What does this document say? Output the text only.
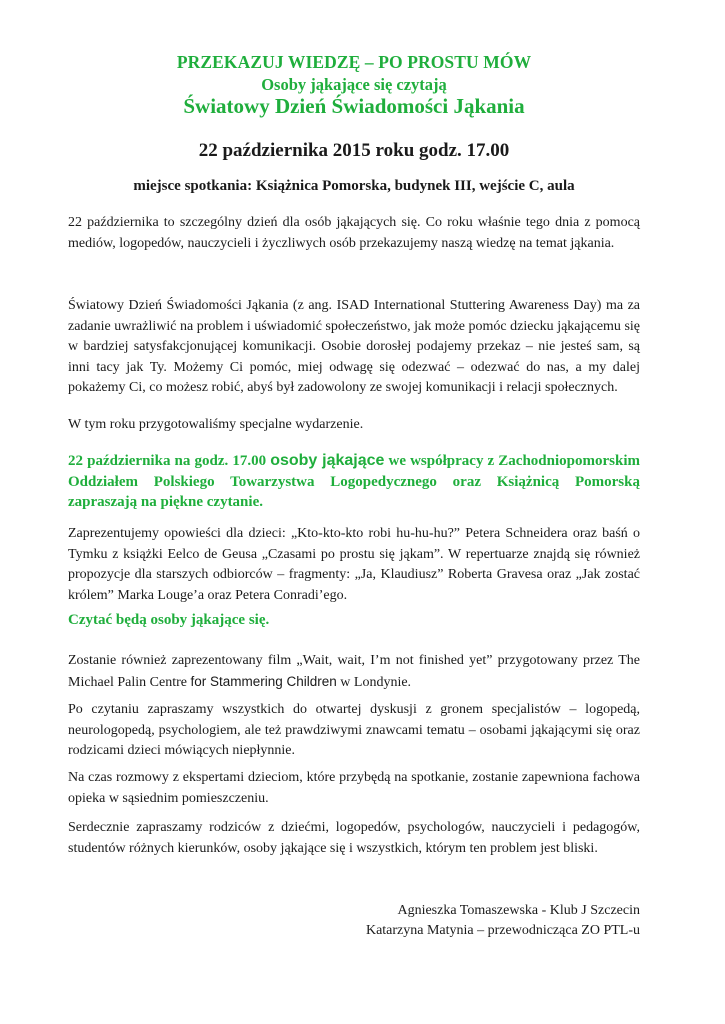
PRZEKAZUJ WIEDZĘ – PO PROSTU MÓW
Osoby jąkające się czytają
Światowy Dzień Świadomości Jąkania
22 października 2015 roku godz. 17.00
miejsce spotkania: Książnica Pomorska, budynek III, wejście C, aula

22 października to szczególny dzień dla osób jąkających się. Co roku właśnie tego dnia z pomocą mediów, logopedów, nauczycieli i życzliwych osób przekazujemy naszą wiedzę na temat jąkania.

Światowy Dzień Świadomości Jąkania (z ang. ISAD International Stuttering Awareness Day) ma za zadanie uwrażliwić na problem i uświadomić społeczeństwo, jak może pomóc dziecku jąkającemu się w bardziej satysfakcjonującej komunikacji. Osobie dorosłej podajemy przekaz – nie jesteś sam, są inni tacy jak Ty. Możemy Ci pomóc, miej odwagę się odezwać – odezwać do nas, a my dalej pokażemy Ci, co możesz robić, abyś był zadowolony ze swojej komunikacji i relacji społecznych.

W tym roku przygotowaliśmy specjalne wydarzenie.

22 października na godz. 17.00 osoby jąkające we współpracy z Zachodniopomorskim Oddziałem Polskiego Towarzystwa Logopedycznego oraz Książnicą Pomorską zapraszają na piękne czytanie.

Zaprezentujemy opowieści dla dzieci: „Kto-kto-kto robi hu-hu-hu?” Petera Schneidera oraz baśń o Tymku z książki Eelco de Geusa „Czasami po prostu się jąkam”. W repertuarze znajdą się również propozycje dla starszych odbiorców – fragmenty: „Ja, Klaudiusz” Roberta Gravesa oraz „Jak zostać królem” Marka Louge’a oraz Petera Conradi’ego.

Czytać będą osoby jąkające się.

Zostanie również zaprezentowany film „Wait, wait, I’m not finished yet” przygotowany przez The Michael Palin Centre for Stammering Children w Londynie.

Po czytaniu zapraszamy wszystkich do otwartej dyskusji z gronem specjalistów – logopedą, neurologopedą, psychologiem, ale też prawdziwymi znawcami tematu – osobami jąkającymi się oraz rodzicami dzieci mówiących niepłynnie.

Na czas rozmowy z ekspertami dzieciom, które przybędą na spotkanie, zostanie zapewniona fachowa opieka w sąsiednim pomieszczeniu.

Serdecznie zapraszamy rodziców z dziećmi, logopedów, psychologów, nauczycieli i pedagogów, studentów różnych kierunków, osoby jąkające się i wszystkich, którym ten problem jest bliski.

Agnieszka Tomaszewska - Klub J Szczecin

Katarzyna Matynia – przewodnicząca ZO PTL-u
